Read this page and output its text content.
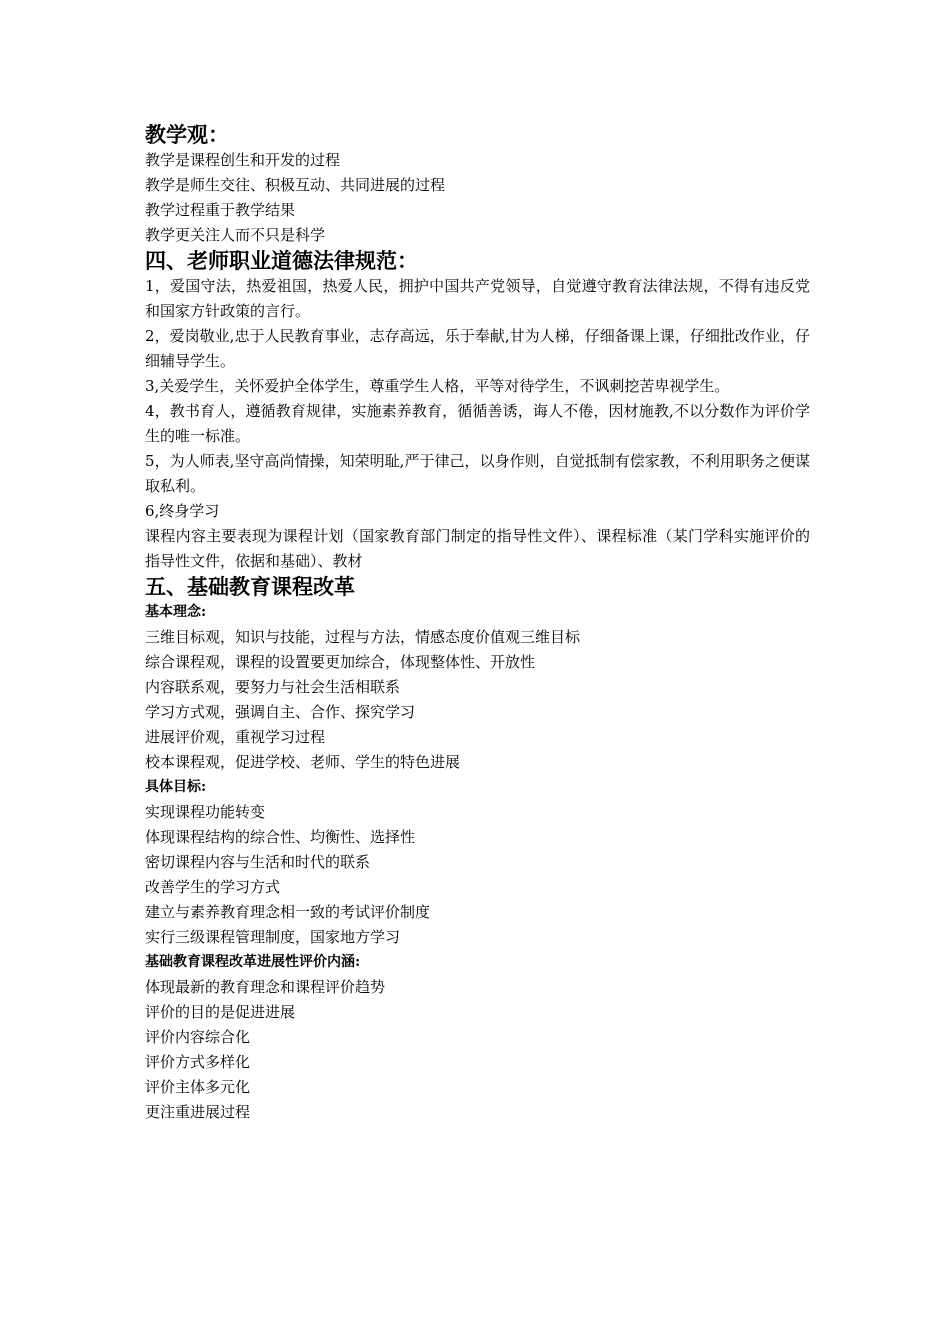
教学观：

教学是课程创生和开发的过程

教学是师生交往、积极互动、共同进展的过程

教学过程重于教学结果

教学更关注人而不只是科学

四、老师职业道德法律规范：

1，爱国守法，热爱祖国，热爱人民，拥护中国共产党领导，自觉遵守教育法律法规，不得有违反党和国家方针政策的言行。

2，爱岗敬业,忠于人民教育事业，志存高远，乐于奉献,甘为人梯，仔细备课上课，仔细批改作业，仔细辅导学生。

3,关爱学生，关怀爱护全体学生，尊重学生人格，平等对待学生，不讽刺挖苦卑视学生。

4，教书育人，遵循教育规律，实施素养教育，循循善诱，诲人不倦，因材施教,不以分数作为评价学生的唯一标准。

5，为人师表,坚守高尚情操，知荣明耻,严于律己，以身作则，自觉抵制有偿家教，不利用职务之便谋取私利。

6,终身学习

课程内容主要表现为课程计划（国家教育部门制定的指导性文件）、课程标准（某门学科实施评价的指导性文件，依据和基础）、教材

五、基础教育课程改革

基本理念:

三维目标观，知识与技能，过程与方法，情感态度价值观三维目标

综合课程观，课程的设置要更加综合，体现整体性、开放性

内容联系观，要努力与社会生活相联系

学习方式观，强调自主、合作、探究学习

进展评价观，重视学习过程

校本课程观，促进学校、老师、学生的特色进展

具体目标:

实现课程功能转变

体现课程结构的综合性、均衡性、选择性

密切课程内容与生活和时代的联系

改善学生的学习方式

建立与素养教育理念相一致的考试评价制度

实行三级课程管理制度，国家地方学习

基础教育课程改革进展性评价内涵:

体现最新的教育理念和课程评价趋势

评价的目的是促进进展

评价内容综合化

评价方式多样化

评价主体多元化

更注重进展过程
